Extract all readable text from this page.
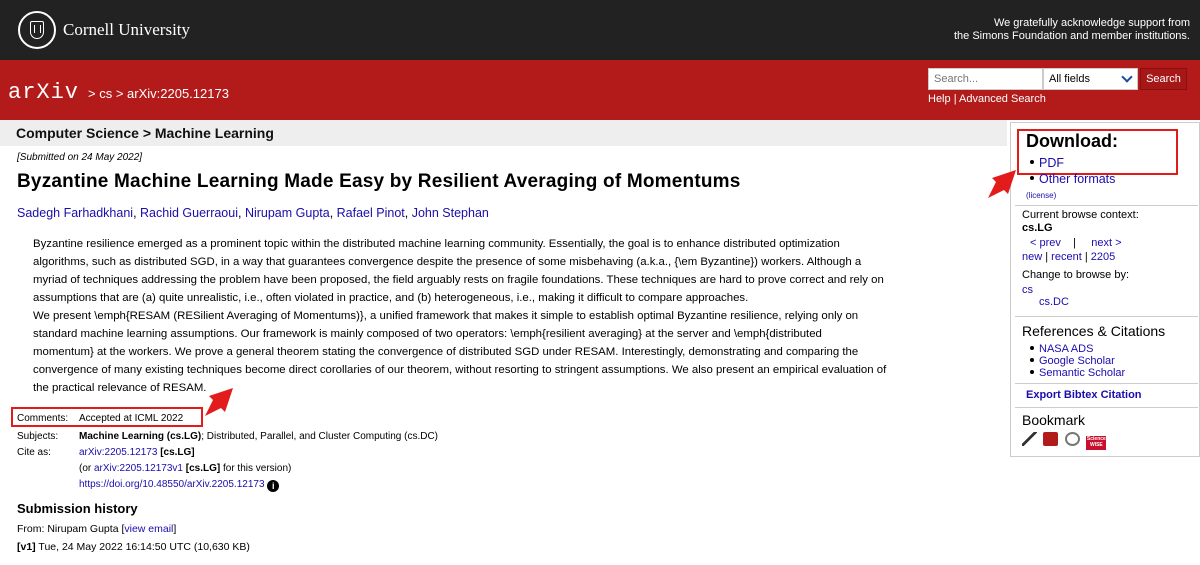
Cornell University	We gratefully acknowledge support from
the Simons Foundation and member institutions.
arXiv > cs > arXiv:2205.12173
Search...
All fields	Search
Help | Advanced Search
Computer Science > Machine Learning
[Submitted on 24 May 2022]
Byzantine Machine Learning Made Easy by Resilient Averaging of Momentums
Sadegh Farhadkhani, Rachid Guerraoui, Nirupam Gupta, Rafael Pinot, John Stephan
Byzantine resilience emerged as a prominent topic within the distributed machine learning community. Essentially, the goal is to enhance distributed optimization
algorithms, such as distributed SGD, in a way that guarantees convergence despite the presence of some misbehaving (a.k.a., {\em Byzantine}) workers. Although a
myriad of techniques addressing the problem have been proposed, the field arguably rests on fragile foundations. These techniques are hard to prove correct and rely on
assumptions that are (a) quite unrealistic, i.e., often violated in practice, and (b) heterogeneous, i.e., making it difficult to compare approaches.
We present \emph{RESAM (RESilient Averaging of Momentums)}, a unified framework that makes it simple to establish optimal Byzantine resilience, relying only on
standard machine learning assumptions. Our framework is mainly composed of two operators: \emph{resilient averaging} at the server and \emph{distributed
momentum} at the workers. We prove a general theorem stating the convergence of distributed SGD under RESAM. Interestingly, demonstrating and comparing the
convergence of many existing techniques become direct corollaries of our theorem, without resorting to stringent assumptions. We also present an empirical evaluation of
the practical relevance of RESAM.
Comments: Accepted at ICML 2022
Subjects: Machine Learning (cs.LG); Distributed, Parallel, and Cluster Computing (cs.DC)
Cite as:	arXiv:2205.12173 [cs.LG]
(or arXiv:2205.12173v1 [cs.LG] for this version)
https://doi.org/10.48550/arXiv.2205.12173 i
Submission history
From: Nirupam Gupta [view email]
[v1] Tue, 24 May 2022 16:14:50 UTC (10,630 KB)
Download:
PDF
Other formats
(license)
Current browse context:
cs.LG
< prev | next >
new | recent | 2205
Change to browse by:
cs
cs.DC
References & Citations
NASA ADS
Google Scholar
Semantic Scholar
Export Bibtex Citation
Bookmark
Science WISE
